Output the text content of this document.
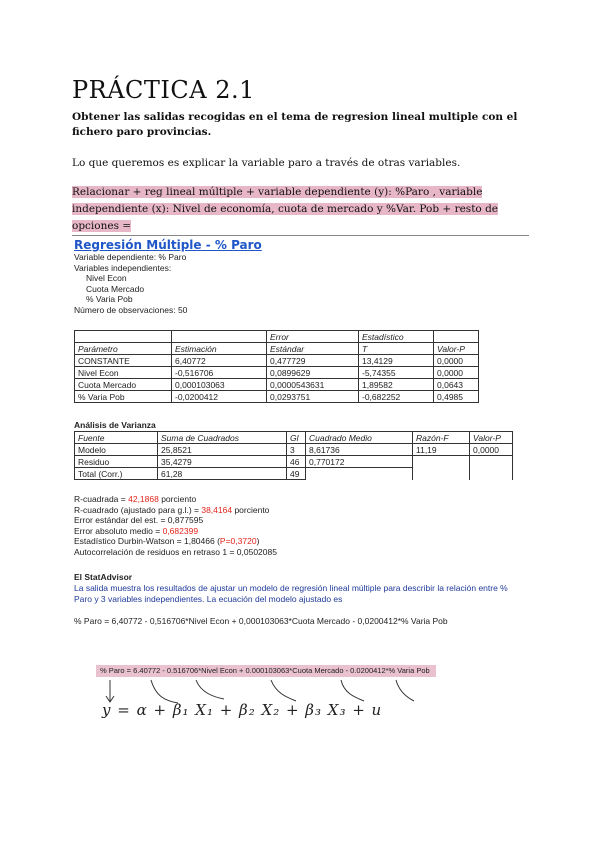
PRÁCTICA 2.1
Obtener las salidas recogidas en el tema de regresion lineal multiple con el fichero paro provincias.
Lo que queremos es explicar la variable paro a través de otras variables.
Relacionar + reg lineal múltiple + variable dependiente (y): %Paro , variable independiente (x): Nivel de economía, cuota de mercado y %Var. Pob + resto de opciones =
Regresión Múltiple - % Paro
Variable dependiente: % Paro
Variables independientes:
Nivel Econ
Cuota Mercado
% Varia Pob
Número de observaciones: 50
		Error	Estadístico	
Parámetro	Estimación	Estándar	T	Valor-P
CONSTANTE	6,40772	0,477729	13,4129	0,0000
Nivel Econ	-0,516706	0,0899629	-5,74355	0,0000
Cuota Mercado	0,000103063	0,0000543631	1,89582	0,0643
% Varia Pob	-0,0200412	0,0293751	-0,682252	0,4985
Análisis de Varianza
Fuente	Suma de Cuadrados	Gl	Cuadrado Medio	Razón-F	Valor-P
Modelo	25,8521	3	8,61736	11,19	0,0000
Residuo	35,4279	46	0,770172		
Total (Corr.)	61,28	49			
R-cuadrada = 42,1868 porciento
R-cuadrado (ajustado para g.l.) = 38,4164 porciento
Error estándar del est. = 0,877595
Error absoluto medio = 0,682399
Estadístico Durbin-Watson = 1,80466 (P=0,3720)
Autocorrelación de residuos en retraso 1 = 0,0502085
El StatAdvisor
La salida muestra los resultados de ajustar un modelo de regresión lineal múltiple para describir la relación entre % Paro y 3 variables independientes. La ecuación del modelo ajustado es
% Paro = 6,40772 - 0,516706*Nivel Econ + 0,000103063*Cuota Mercado - 0,0200412*% Varia Pob
% Paro = 6.40772 - 0.516706*Nivel Econ + 0.000103063*Cuota Mercado - 0.0200412*% Varia Pob
y = α + β₁ X₁ + β₂ X₂ + β₃ X₃ + u
